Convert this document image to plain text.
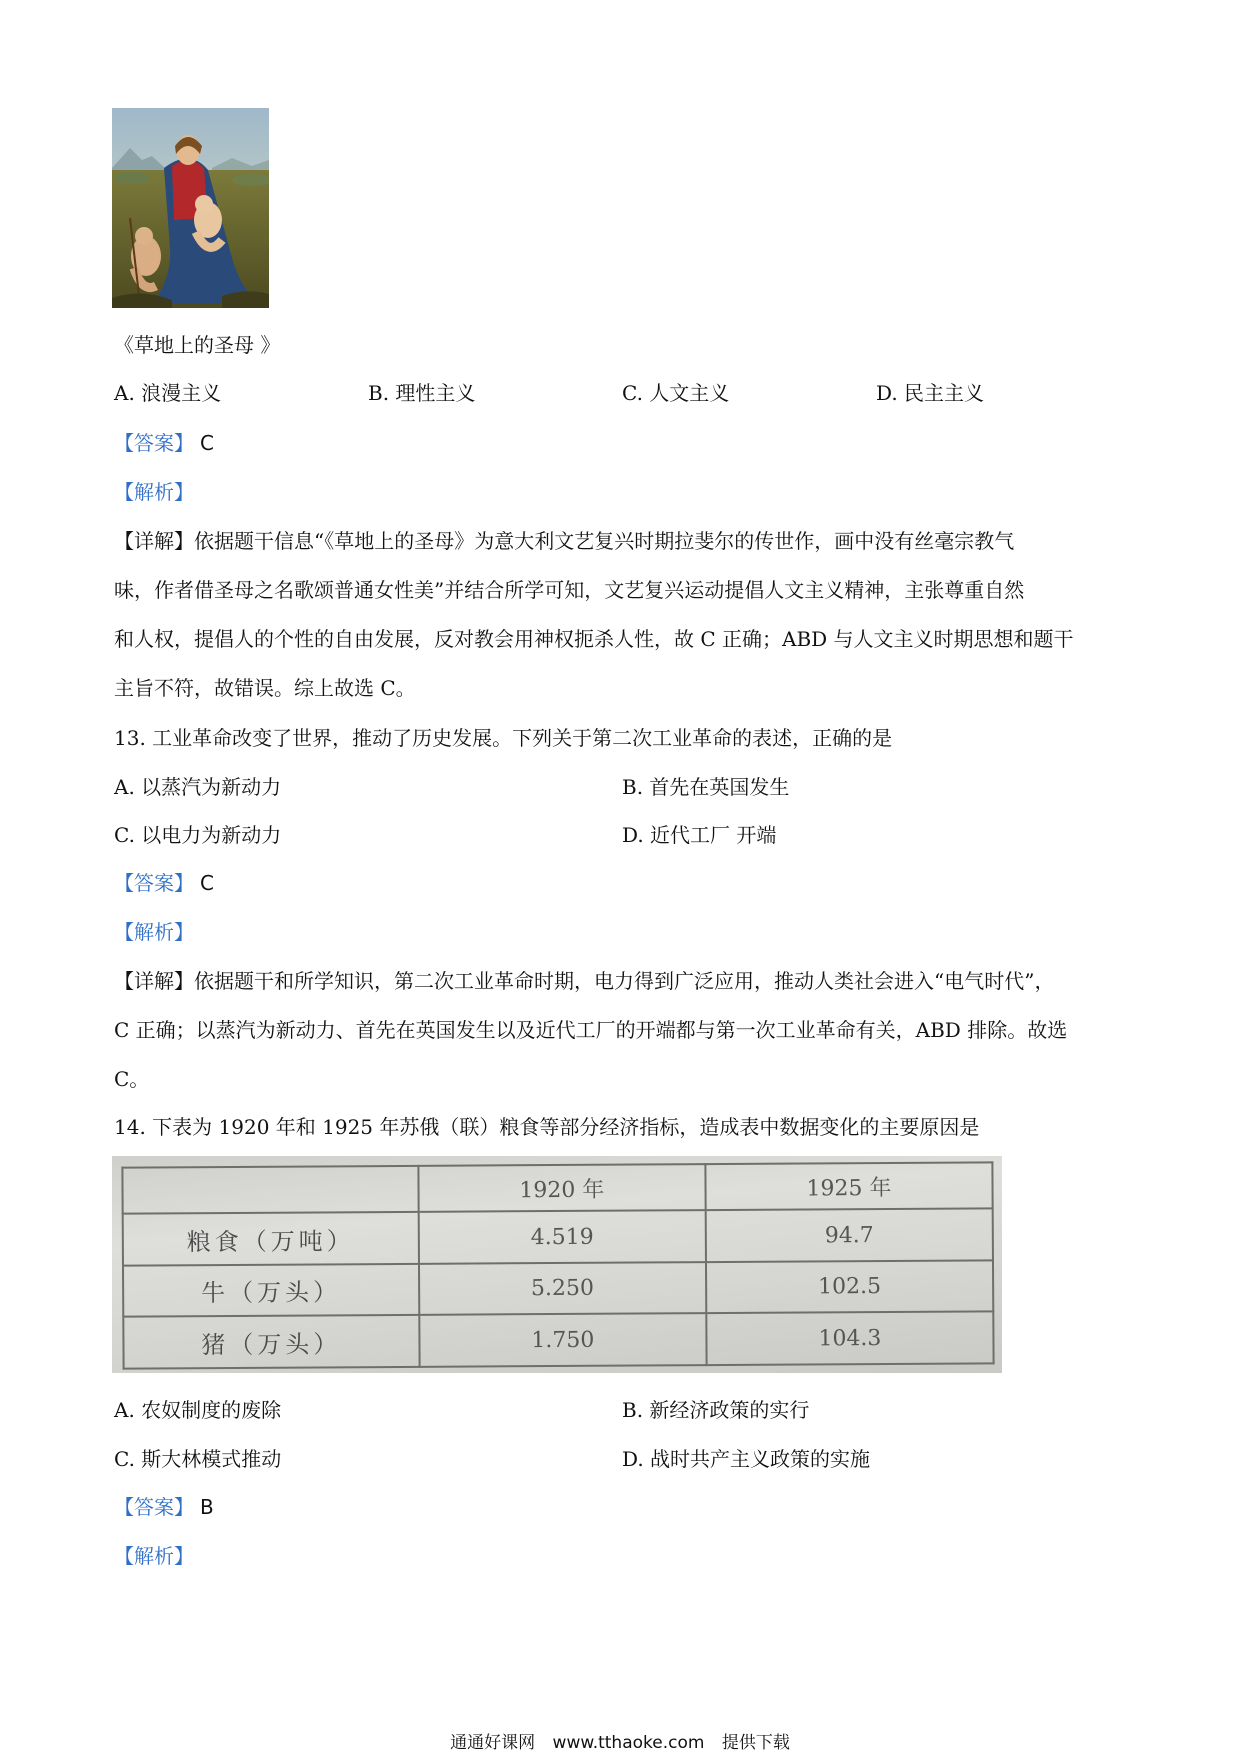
《草地上的圣母 》
A. 浪漫主义	B. 理性主义	C. 人文主义	D. 民主主义
【答案】 C
【解析】
【详解】依据题干信息“《草地上的圣母》为意大利文艺复兴时期拉斐尔的传世作，画中没有丝毫宗教气
味，作者借圣母之名歌颂普通女性美”并结合所学可知，文艺复兴运动提倡人文主义精神，主张尊重自然
和人权，提倡人的个性的自由发展，反对教会用神权扼杀人性，故 C 正确；ABD 与人文主义时期思想和题干
主旨不符，故错误。综上故选 C。
13. 工业革命改变了世界，推动了历史发展。下列关于第二次工业革命的表述，正确的是
A. 以蒸汽为新动力	B. 首先在英国发生
C. 以电力为新动力	D. 近代工厂 开端
【答案】 C
【解析】
【详解】依据题干和所学知识，第二次工业革命时期，电力得到广泛应用，推动人类社会进入“电气时代”，
C 正确；以蒸汽为新动力、首先在英国发生以及近代工厂的开端都与第一次工业革命有关，ABD 排除。故选
C。
14. 下表为 1920 年和 1925 年苏俄（联）粮食等部分经济指标，造成表中数据变化的主要原因是
	1920 年	1925 年
粮食（万吨）	4.519	94.7
牛（万头）	5.250	102.5
猪（万头）	1.750	104.3
A. 农奴制度的废除	B. 新经济政策的实行
C. 斯大林模式推动	D. 战时共产主义政策的实施
【答案】 B
【解析】
通通好课网 www.tthaoke.com 提供下载
